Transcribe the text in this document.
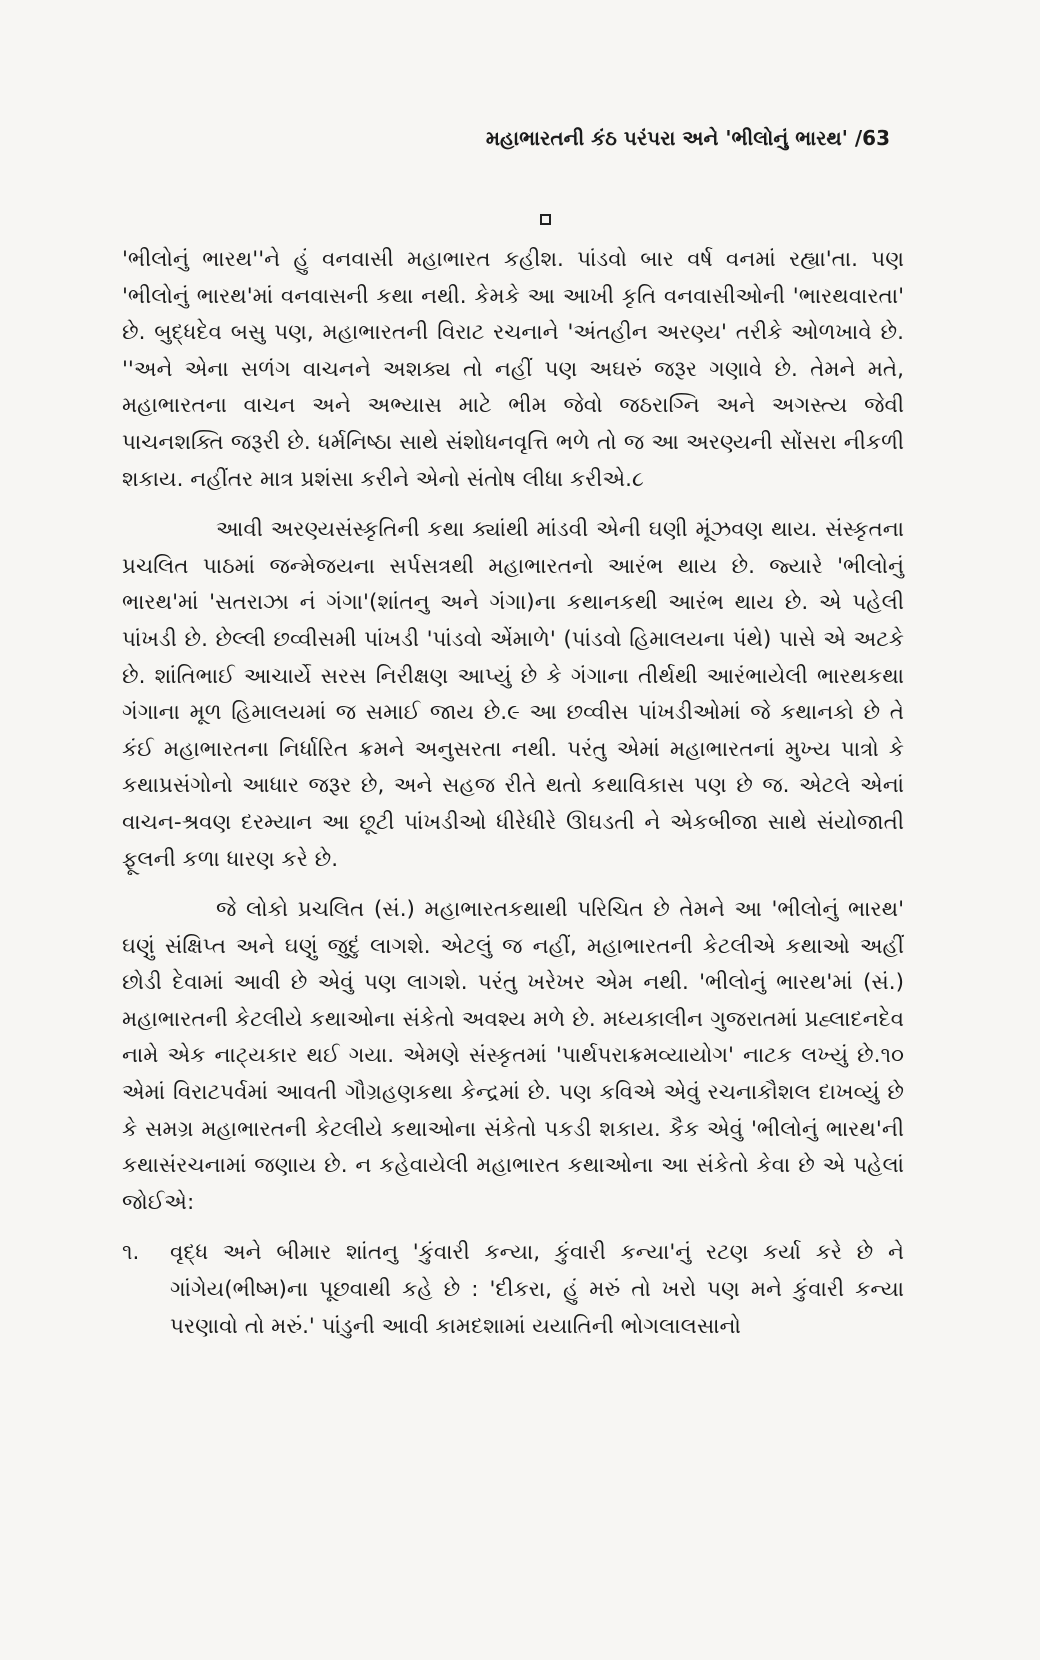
મહાભારતની કંઠ પરંપરા અને 'ભીલોનું ભારથ' /63

'ભીલોનું ભારથ''ને હું વનવાસી મહાભારત કહીશ. પાંડવો બાર વર્ષ વનમાં રહ્યા'તા. પણ 'ભીલોનું ભારથ'માં વનવાસની કથા નથી. કેમકે આ આખી કૃતિ વનવાસીઓની 'ભારથવારતા' છે. બુદ્ધદેવ બસુ પણ, મહાભારતની વિરાટ રચનાને 'અંતહીન અરણ્ય' તરીકે ઓળખાવે છે. ''અને એના સળંગ વાચનને અશક્ય તો નહીં પણ અઘરું જરૂર ગણાવે છે. તેમને મતે, મહાભારતના વાચન અને અભ્યાસ માટે ભીમ જેવો જઠરાગ્નિ અને અગસ્ત્ય જેવી પાચનશક્તિ જરૂરી છે. ધર્મનિષ્ઠા સાથે સંશોધનવૃત્તિ ભળે તો જ આ અરણ્યની સોંસરા નીકળી શકાય. નહીંતર માત્ર પ્રશંસા કરીને એનો સંતોષ લીધા કરીએ.૮

આવી અરણ્યસંસ્કૃતિની કથા ક્યાંથી માંડવી એની ઘણી મૂંઝવણ થાય. સંસ્કૃતના પ્રચલિત પાઠમાં જન્મેજયના સર્પસત્રથી મહાભારતનો આરંભ થાય છે. જ્યારે 'ભીલોનું ભારથ'માં 'સતરાઝા નં ગંગા'(શાંતનુ અને ગંગા)ના કથાનકથી આરંભ થાય છે. એ પહેલી પાંખડી છે. છેલ્લી છવ્વીસમી પાંખડી 'પાંડવો એંમાળે' (પાંડવો હિમાલયના પંથે) પાસે એ અટકે છે. શાંતિભાઈ આચાર્યે સરસ નિરીક્ષણ આપ્યું છે કે ગંગાના તીર્થથી આરંભાયેલી ભારથકથા ગંગાના મૂળ હિમાલયમાં જ સમાઈ જાય છે.૯ આ છવ્વીસ પાંખડીઓમાં જે કથાનકો છે તે કંઈ મહાભારતના નિર્ધારિત ક્રમને અનુસરતા નથી. પરંતુ એમાં મહાભારતનાં મુખ્ય પાત્રો કે કથાપ્રસંગોનો આધાર જરૂર છે, અને સહજ રીતે થતો કથાવિકાસ પણ છે જ. એટલે એનાં વાચન-શ્રવણ દરમ્યાન આ છૂટી પાંખડીઓ ધીરેધીરે ઊઘડતી ને એકબીજા સાથે સંયોજાતી ફૂલની કળા ધારણ કરે છે.

જે લોકો પ્રચલિત (સં.) મહાભારતકથાથી પરિચિત છે તેમને આ 'ભીલોનું ભારથ' ઘણું સંક્ષિપ્ત અને ઘણું જુદું લાગશે. એટલું જ નહીં, મહાભારતની કેટલીએ કથાઓ અહીં છોડી દેવામાં આવી છે એવું પણ લાગશે. પરંતુ ખરેખર એમ નથી. 'ભીલોનું ભારથ'માં (સં.) મહાભારતની કેટલીયે કથાઓના સંકેતો અવશ્ય મળે છે. મધ્યકાલીન ગુજરાતમાં પ્રહ્લાદનદેવ નામે એક નાટ્યકાર થઈ ગયા. એમણે સંસ્કૃતમાં 'પાર્થપરાક્રમવ્યાયોગ' નાટક લખ્યું છે.૧૦ એમાં વિરાટપર્વમાં આવતી ગૌગ્રહણકથા કેન્દ્રમાં છે. પણ કવિએ એવું રચનાકૌશલ દાખવ્યું છે કે સમગ્ર મહાભારતની કેટલીયે કથાઓના સંકેતો પકડી શકાય. કૈક એવું 'ભીલોનું ભારથ'ની કથાસંરચનામાં જણાય છે. ન કહેવાયેલી મહાભારત કથાઓના આ સંકેતો કેવા છે એ પહેલાં જોઈએ:

૧. વૃદ્ધ અને બીમાર શાંતનુ 'કુંવારી કન્યા, કુંવારી કન્યા'નું રટણ કર્યા કરે છે ને ગાંગેય(ભીષ્મ)ના પૂછવાથી કહે છે : 'દીકરા, હું મરું તો ખરો પણ મને કુંવારી કન્યા પરણાવો તો મરું.' પાંડુની આવી કામદશામાં યયાતિની ભોગલાલસાનો
